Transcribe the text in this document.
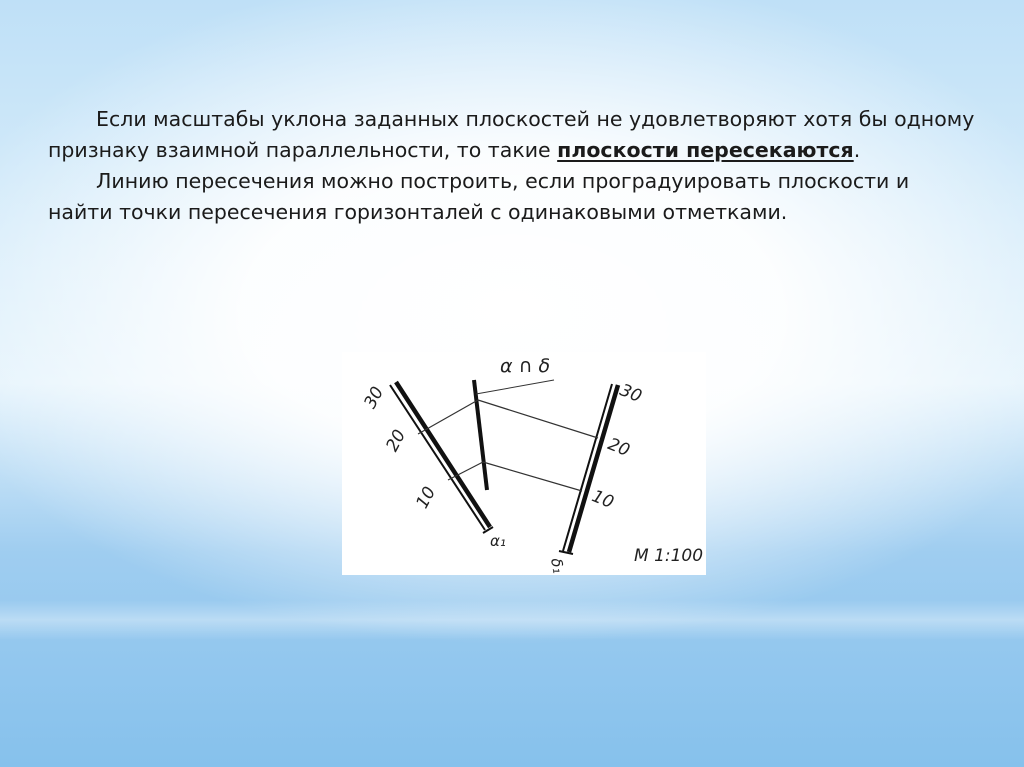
Если масштабы уклона заданных плоскостей не удовлетворяют хотя бы одному признаку взаимной параллельности, то такие плоскости пересекаются.

Линию пересечения можно построить, если проградуировать плоскости и найти точки пересечения горизонталей с одинаковыми отметками.

α ∩ δ
30
20
10
α₁
30
20
10
δ₁	М 1:100
